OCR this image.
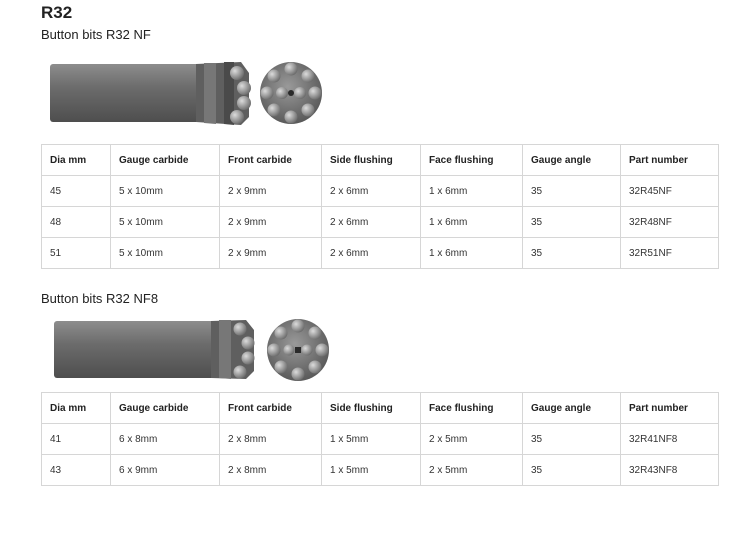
R32
Button bits R32 NF
Dia mm	Gauge carbide	Front carbide	Side flushing	Face flushing	Gauge angle	Part number
45	5 x 10mm	2 x 9mm	2 x 6mm	1 x 6mm	35	32R45NF
48	5 x 10mm	2 x 9mm	2 x 6mm	1 x 6mm	35	32R48NF
51	5 x 10mm	2 x 9mm	2 x 6mm	1 x 6mm	35	32R51NF
Button bits R32 NF8
Dia mm	Gauge carbide	Front carbide	Side flushing	Face flushing	Gauge angle	Part number
41	6 x 8mm	2 x 8mm	1 x 5mm	2 x 5mm	35	32R41NF8
43	6 x 9mm	2 x 8mm	1 x 5mm	2 x 5mm	35	32R43NF8
